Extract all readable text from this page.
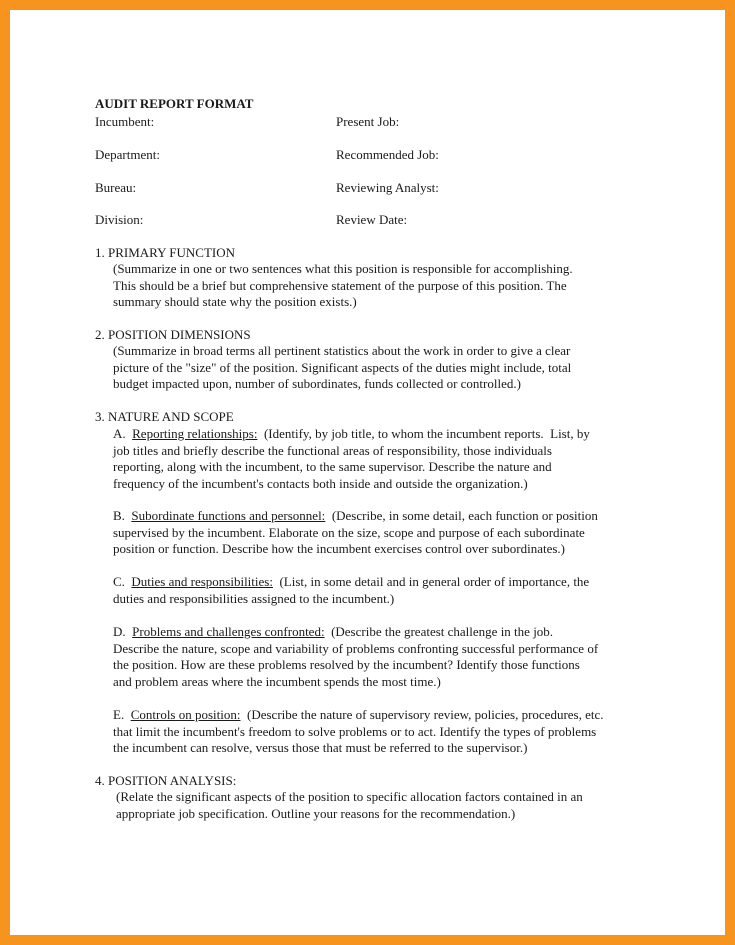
AUDIT REPORT FORMAT
Incumbent:	Present Job:
Department:	Recommended Job:
Bureau:	Reviewing Analyst:
Division:	Review Date:
1. PRIMARY FUNCTION
(Summarize in one or two sentences what this position is responsible for accomplishing.
This should be a brief but comprehensive statement of the purpose of this position. The
summary should state why the position exists.)
2. POSITION DIMENSIONS
(Summarize in broad terms all pertinent statistics about the work in order to give a clear
picture of the "size" of the position. Significant aspects of the duties might include, total
budget impacted upon, number of subordinates, funds collected or controlled.)
3. NATURE AND SCOPE
A.  Reporting relationships:  (Identify, by job title, to whom the incumbent reports.  List, by
job titles and briefly describe the functional areas of responsibility, those individuals
reporting, along with the incumbent, to the same supervisor. Describe the nature and
frequency of the incumbent's contacts both inside and outside the organization.)
B.  Subordinate functions and personnel:  (Describe, in some detail, each function or position
supervised by the incumbent. Elaborate on the size, scope and purpose of each subordinate
position or function. Describe how the incumbent exercises control over subordinates.)
C.  Duties and responsibilities:  (List, in some detail and in general order of importance, the
duties and responsibilities assigned to the incumbent.)
D.  Problems and challenges confronted:  (Describe the greatest challenge in the job.
Describe the nature, scope and variability of problems confronting successful performance of
the position. How are these problems resolved by the incumbent? Identify those functions
and problem areas where the incumbent spends the most time.)
E.  Controls on position:  (Describe the nature of supervisory review, policies, procedures, etc.
that limit the incumbent's freedom to solve problems or to act. Identify the types of problems
the incumbent can resolve, versus those that must be referred to the supervisor.)
4. POSITION ANALYSIS:
(Relate the significant aspects of the position to specific allocation factors contained in an
appropriate job specification. Outline your reasons for the recommendation.)
